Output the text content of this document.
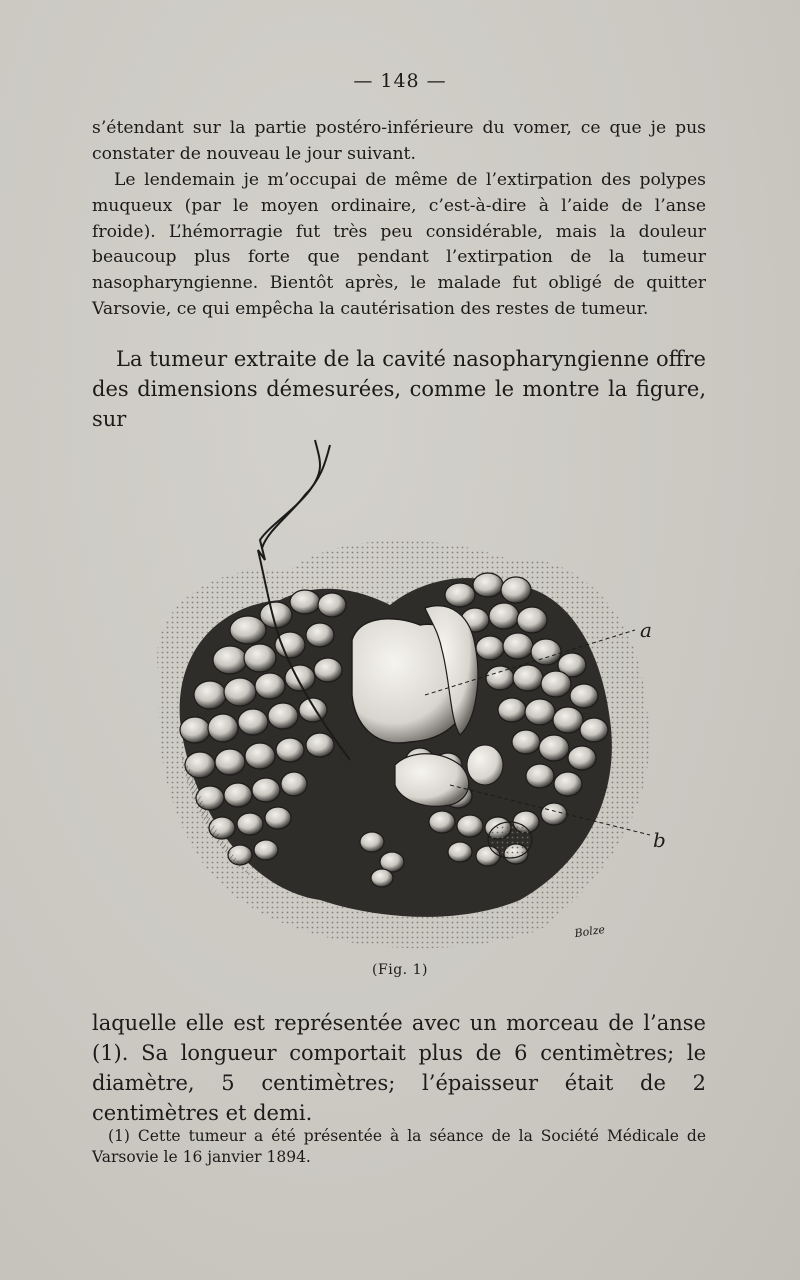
— 148 —

s’étendant sur la partie postéro-inférieure du vomer, ce que je pus constater de nouveau le jour suivant.

Le lendemain je m’occupai de même de l’extirpation des polypes muqueux (par le moyen ordinaire, c’est-à-dire à l’aide de l’anse froide). L’hémorragie fut très peu considérable, mais la douleur beaucoup plus forte que pendant l’extirpation de la tumeur nasopharyngienne. Bientôt après, le malade fut obligé de quitter Varsovie, ce qui empêcha la cautérisation des restes de tumeur.

La tumeur extraite de la cavité nasopharyngienne offre des dimensions démesurées, comme le montre la figure, sur

a
b
Bolze
(Fig. 1)

laquelle elle est représentée avec un morceau de l’anse (1). Sa longueur comportait plus de 6 centimètres; le diamètre, 5 centimètres; l’épaisseur était de 2 centimètres et demi.

(1) Cette tumeur a été présentée à la séance de la Société Médicale de Varsovie le 16 janvier 1894.
